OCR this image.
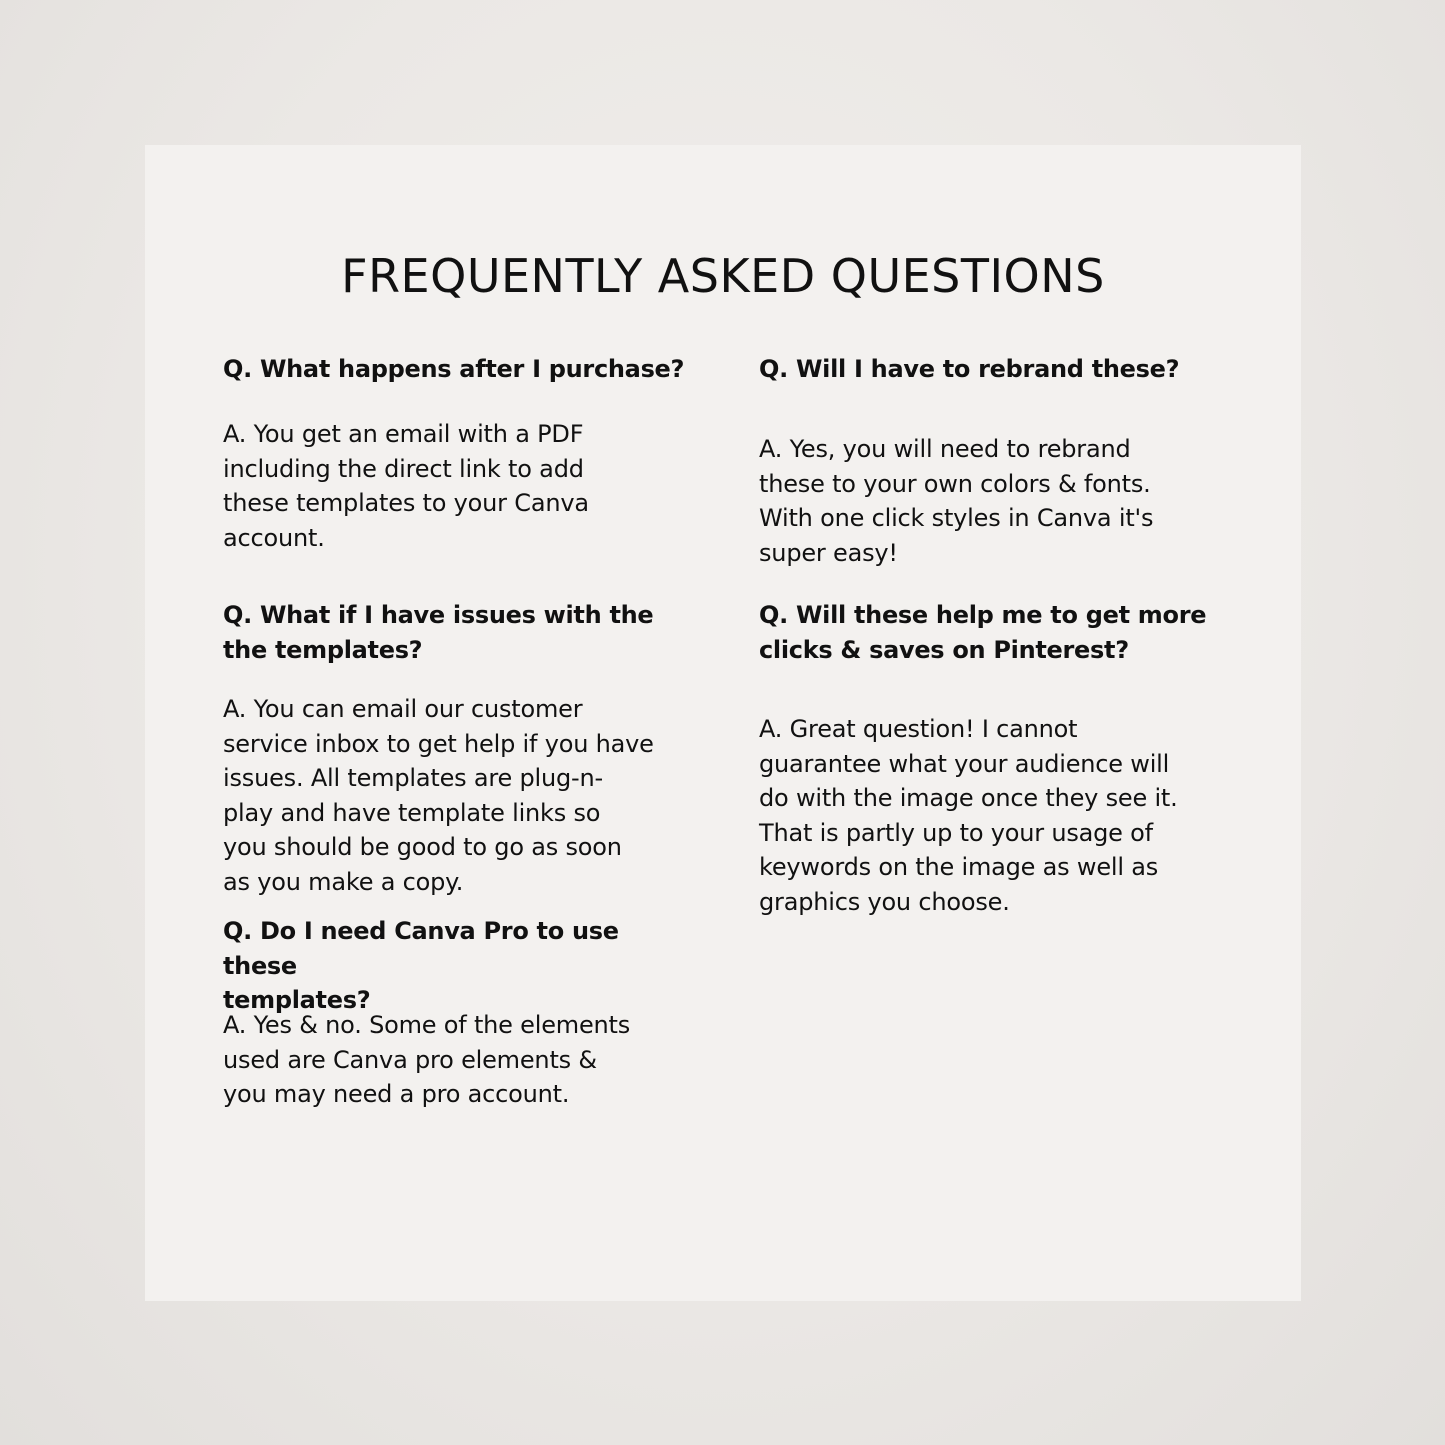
FREQUENTLY ASKED QUESTIONS
Q. What happens after I purchase?
A. You get an email with a PDF
including the direct link to add
these templates to your Canva
account.
Q. What if I have issues with the
the templates?
A. You can email our customer
service inbox to get help if you have
issues. All templates are plug-n-
play and have template links so
you should be good to go as soon
as you make a copy.
Q. Do I need Canva Pro to use these
templates?
A. Yes & no. Some of the elements
used are Canva pro elements &
you may need a pro account.
Q. Will I have to rebrand these?
A. Yes, you will need to rebrand
these to your own colors & fonts.
With one click styles in Canva it's
super easy!
Q. Will these help me to get more
clicks & saves on Pinterest?
A. Great question! I cannot
guarantee what your audience will
do with the image once they see it.
That is partly up to your usage of
keywords on the image as well as
graphics you choose.
